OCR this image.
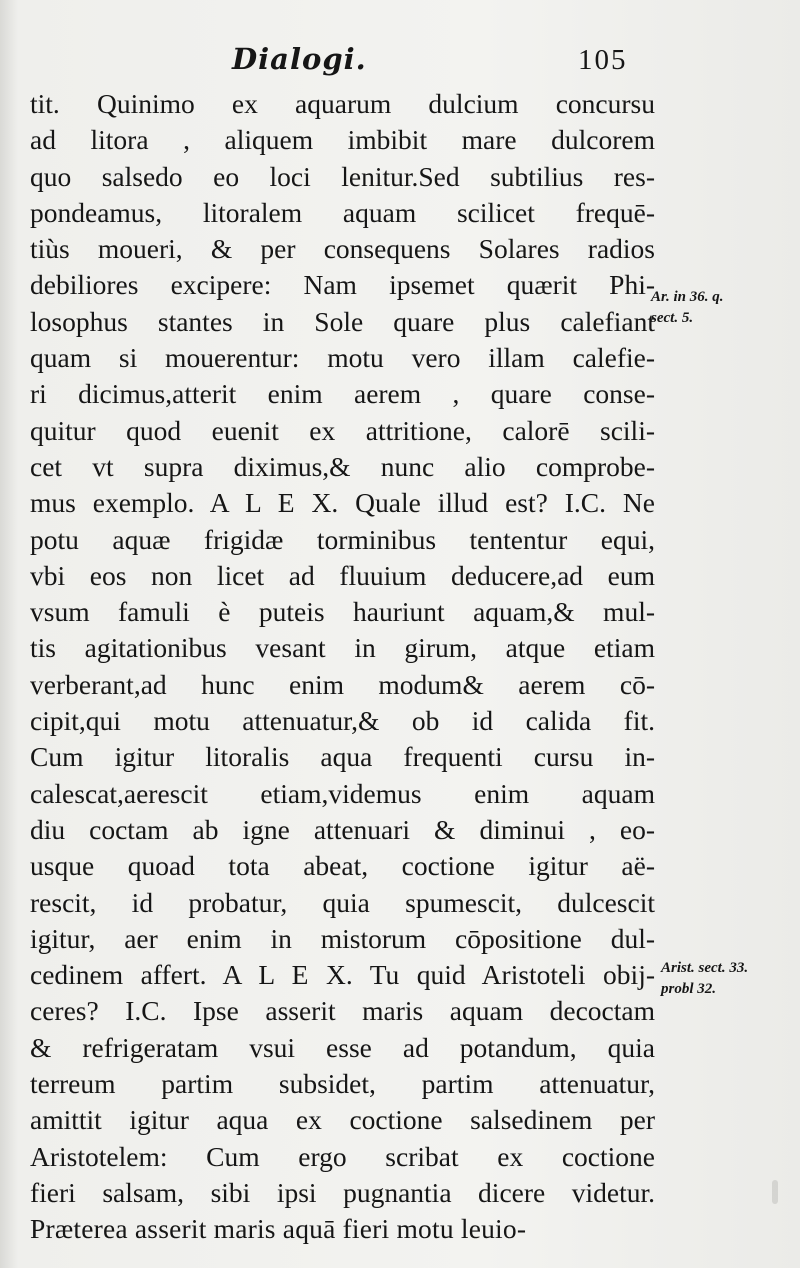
Dialogi.	105
tit. Quinimo ex aquarum dulcium concursu
ad litora , aliquem imbibit mare dulcorem
quo salsedo eo loci lenitur.Sed subtilius res-
pondeamus, litoralem aquam scilicet frequē-
tiùs moueri, & per consequens Solares radios
debiliores excipere: Nam ipsemet quærit Phi-
losophus stantes in Sole quare plus calefiant
quam si mouerentur: motu vero illam calefie-
ri dicimus,atterit enim aerem , quare conse-
quitur quod euenit ex attritione, calorē scili-
cet vt supra diximus,& nunc alio comprobe-
mus exemplo. A L E X. Quale illud est? I.C. Ne
potu aquæ frigidæ torminibus tententur equi,
vbi eos non licet ad fluuium deducere,ad eum
vsum famuli è puteis hauriunt aquam,& mul-
tis agitationibus vesant in girum, atque etiam
verberant,ad hunc enim modum& aerem cō-
cipit,qui motu attenuatur,& ob id calida fit.
Cum igitur litoralis aqua frequenti cursu in-
calescat,aerescit etiam,videmus enim aquam
diu coctam ab igne attenuari & diminui , eo-
usque quoad tota abeat, coctione igitur aë-
rescit, id probatur, quia spumescit, dulcescit
igitur, aer enim in mistorum cōpositione dul-
cedinem affert. A L E X. Tu quid Aristoteli obij-
ceres? I.C. Ipse asserit maris aquam decoctam
& refrigeratam vsui esse ad potandum, quia
terreum partim subsidet, partim attenuatur,
amittit igitur aqua ex coctione salsedinem per
Aristotelem: Cum ergo scribat ex coctione
fieri salsam, sibi ipsi pugnantia dicere videtur.
Præterea asserit maris aquā fieri motu leuio-
Ar. in 36. q.
sect. 5.
Arist. sect. 33.
probl 32.
